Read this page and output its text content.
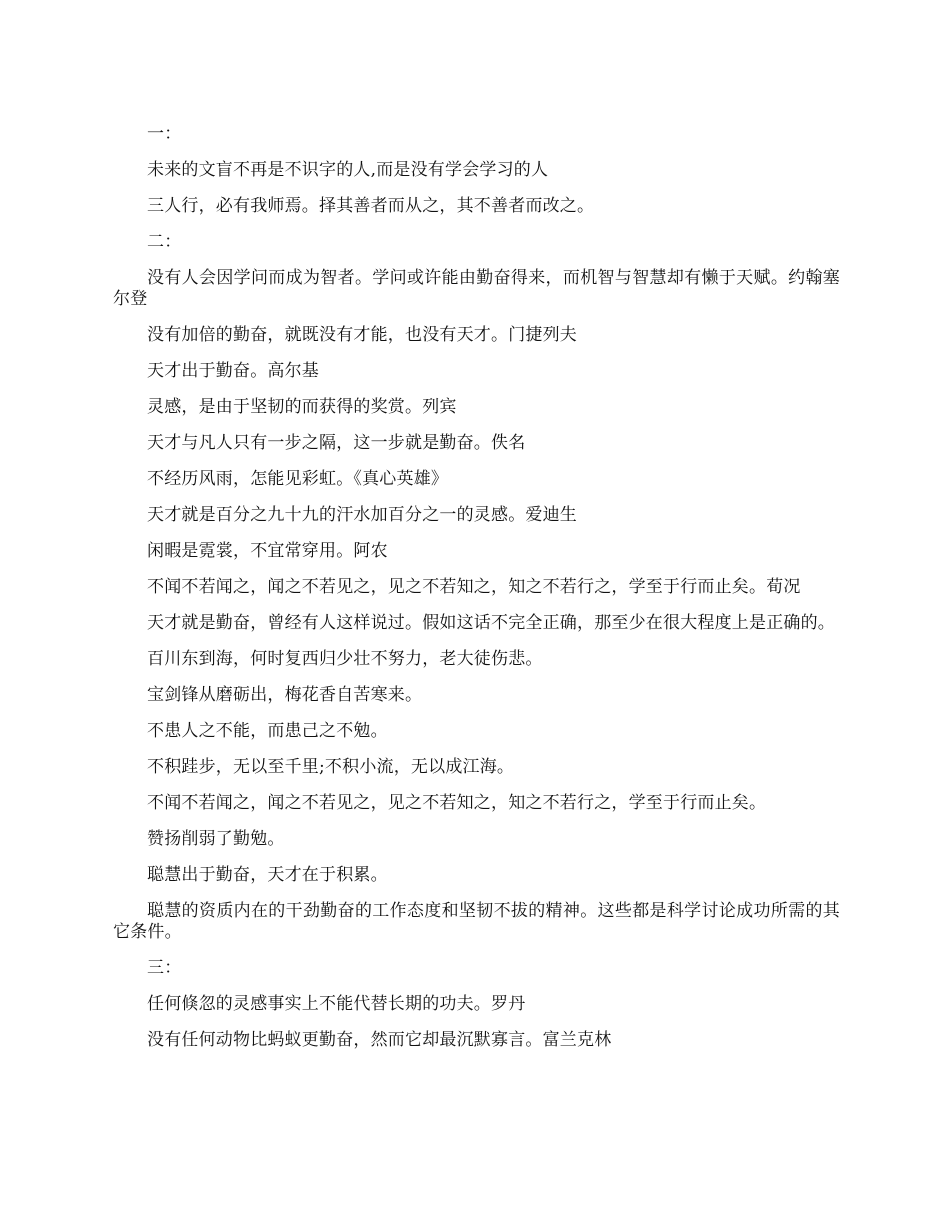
一：

未来的文盲不再是不识字的人,而是没有学会学习的人

三人行，必有我师焉。择其善者而从之，其不善者而改之。

二：

没有人会因学问而成为智者。学问或许能由勤奋得来，而机智与智慧却有懒于天赋。约翰塞尔登

没有加倍的勤奋，就既没有才能，也没有天才。门捷列夫

天才出于勤奋。高尔基

灵感，是由于坚韧的而获得的奖赏。列宾

天才与凡人只有一步之隔，这一步就是勤奋。佚名

不经历风雨，怎能见彩虹。《真心英雄》

天才就是百分之九十九的汗水加百分之一的灵感。爱迪生

闲暇是霓裳，不宜常穿用。阿农

不闻不若闻之，闻之不若见之，见之不若知之，知之不若行之，学至于行而止矣。荀况

天才就是勤奋，曾经有人这样说过。假如这话不完全正确，那至少在很大程度上是正确的。

百川东到海，何时复西归少壮不努力，老大徒伤悲。

宝剑锋从磨砺出，梅花香自苦寒来。

不患人之不能，而患己之不勉。

不积跬步，无以至千里;不积小流，无以成江海。

不闻不若闻之，闻之不若见之，见之不若知之，知之不若行之，学至于行而止矣。

赞扬削弱了勤勉。

聪慧出于勤奋，天才在于积累。

聪慧的资质内在的干劲勤奋的工作态度和坚韧不拔的精神。这些都是科学讨论成功所需的其它条件。

三：

任何倏忽的灵感事实上不能代替长期的功夫。罗丹

没有任何动物比蚂蚁更勤奋，然而它却最沉默寡言。富兰克林
